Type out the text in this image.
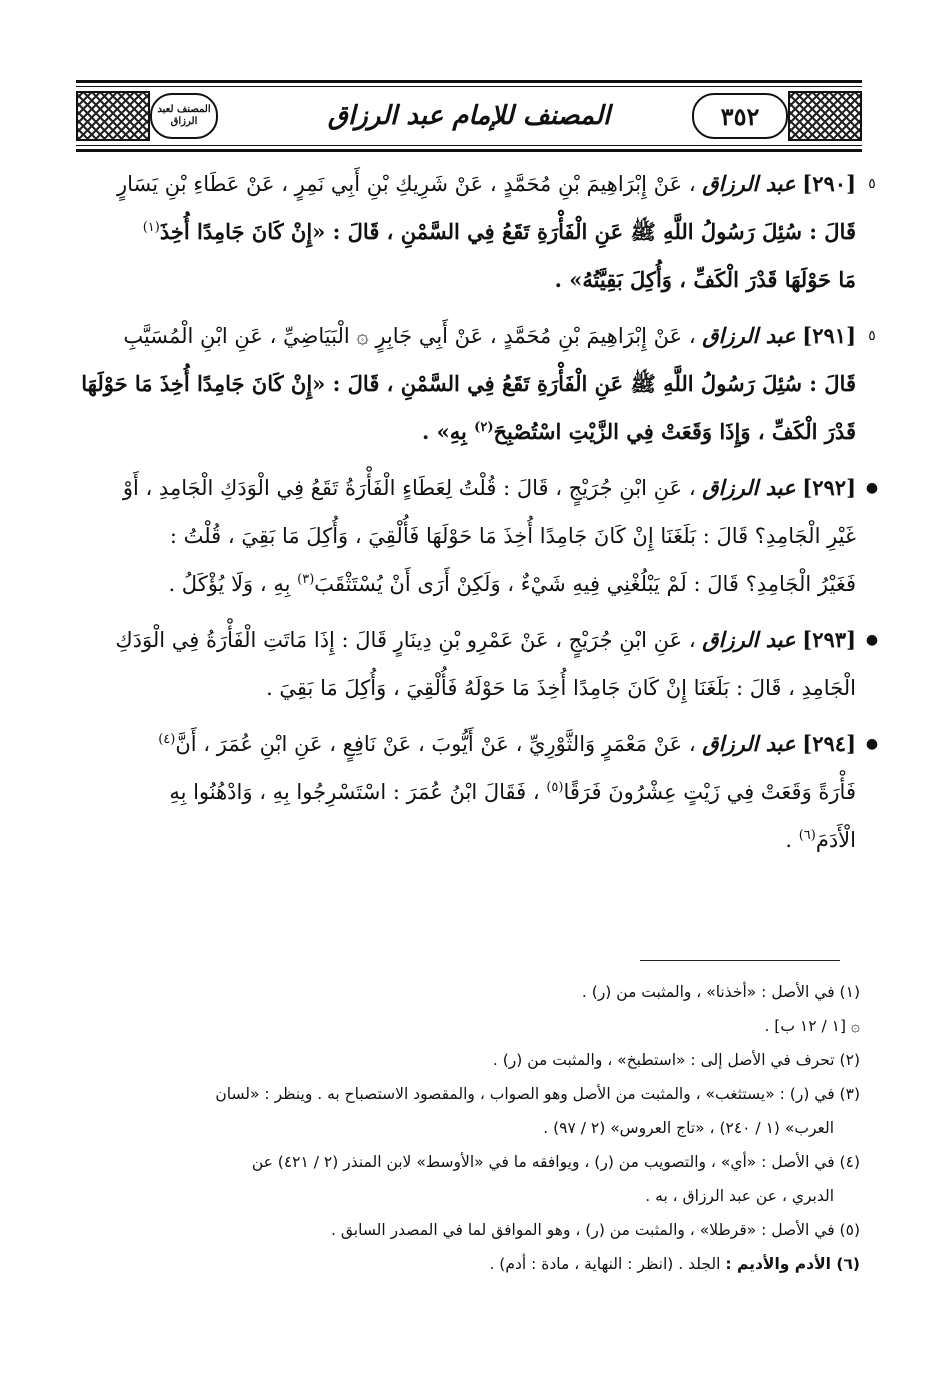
٣٥٢
المصنف لعبد الرزاق	المصنف للإمام عبد الرزاق
٥

[٢٩٠] عبد الرزاق ، عَنْ إِبْرَاهِيمَ بْنِ مُحَمَّدٍ ، عَنْ شَرِيكِ بْنِ أَبِي نَمِرٍ ، عَنْ عَطَاءِ بْنِ يَسَارٍ

قَالَ : سُئِلَ رَسُولُ اللَّهِ ﷺ عَنِ الْفَأْرَةِ تَقَعُ فِي السَّمْنِ ، قَالَ : «إِنْ كَانَ جَامِدًا أُخِذَ$^{(١)}$

مَا حَوْلَهَا قَدْرَ الْكَفِّ ، وَأُكِلَ بَقِيَّتُهُ» .

٥

[٢٩١] عبد الرزاق ، عَنْ إِبْرَاهِيمَ بْنِ مُحَمَّدٍ ، عَنْ أَبِي جَابِرٍ ۞ الْبَيَاضِيِّ ، عَنِ ابْنِ الْمُسَيَّبِ

قَالَ : سُئِلَ رَسُولُ اللَّهِ ﷺ عَنِ الْفَأْرَةِ تَقَعُ فِي السَّمْنِ ، قَالَ : «إِنْ كَانَ جَامِدًا أُخِذَ مَا حَوْلَهَا

قَدْرَ الْكَفِّ ، وَإِذَا وَقَعَتْ فِي الزَّيْتِ اسْتُصْبِحَ$^{(٢)}$ بِهِ» .

●

[٢٩٢] عبد الرزاق ، عَنِ ابْنِ جُرَيْجٍ ، قَالَ : قُلْتُ لِعَطَاءٍ الْفَأْرَةُ تَقَعُ فِي الْوَدَكِ الْجَامِدِ ، أَوْ

غَيْرِ الْجَامِدِ؟ قَالَ : بَلَغَنَا إِنْ كَانَ جَامِدًا أُخِذَ مَا حَوْلَهَا فَأُلْقِيَ ، وَأُكِلَ مَا بَقِيَ ، قُلْتُ :

فَغَيْرُ الْجَامِدِ؟ قَالَ : لَمْ يَبْلُغْنِي فِيهِ شَيْءٌ ، وَلَكِنْ أَرَى أَنْ يُسْتَثْقَبَ$^{(٣)}$ بِهِ ، وَلَا يُؤْكَلُ .

●

[٢٩٣] عبد الرزاق ، عَنِ ابْنِ جُرَيْجٍ ، عَنْ عَمْرِو بْنِ دِينَارٍ قَالَ : إِذَا مَاتَتِ الْفَأْرَةُ فِي الْوَدَكِ

الْجَامِدِ ، قَالَ : بَلَغَنَا إِنْ كَانَ جَامِدًا أُخِذَ مَا حَوْلَهُ فَأُلْقِيَ ، وَأُكِلَ مَا بَقِيَ .

●

[٢٩٤] عبد الرزاق ، عَنْ مَعْمَرٍ وَالثَّوْرِيِّ ، عَنْ أَيُّوبَ ، عَنْ نَافِعٍ ، عَنِ ابْنِ عُمَرَ ، أَنَّ$^{(٤)}$

فَأْرَةً وَقَعَتْ فِي زَيْتٍ عِشْرُونَ فَرَقًا$^{(٥)}$ ، فَقَالَ ابْنُ عُمَرَ : اسْتَسْرِجُوا بِهِ ، وَادْهُنُوا بِهِ

الْأَدَمَ$^{(٦)}$ .

(١) في الأصل : «أخذنا» ، والمثبت من (ر) .

۞ [١ / ١٢ ب] .

(٢) تحرف في الأصل إلى : «استطبخ» ، والمثبت من (ر) .

(٣) في (ر) : «يستثغب» ، والمثبت من الأصل وهو الصواب ، والمقصود الاستصباح به . وينظر : «لسان
العرب» (١ / ٢٤٠) ، «تاج العروس» (٢ / ٩٧) .

(٤) في الأصل : «أي» ، والتصويب من (ر) ، ويوافقه ما في «الأوسط» لابن المنذر (٢ / ٤٢١) عن
الدبري ، عن عبد الرزاق ، به .

(٥) في الأصل : «قرطلا» ، والمثبت من (ر) ، وهو الموافق لما في المصدر السابق .

(٦) الأدم والأديم : الجلد . (انظر : النهاية ، مادة : أدم) .
